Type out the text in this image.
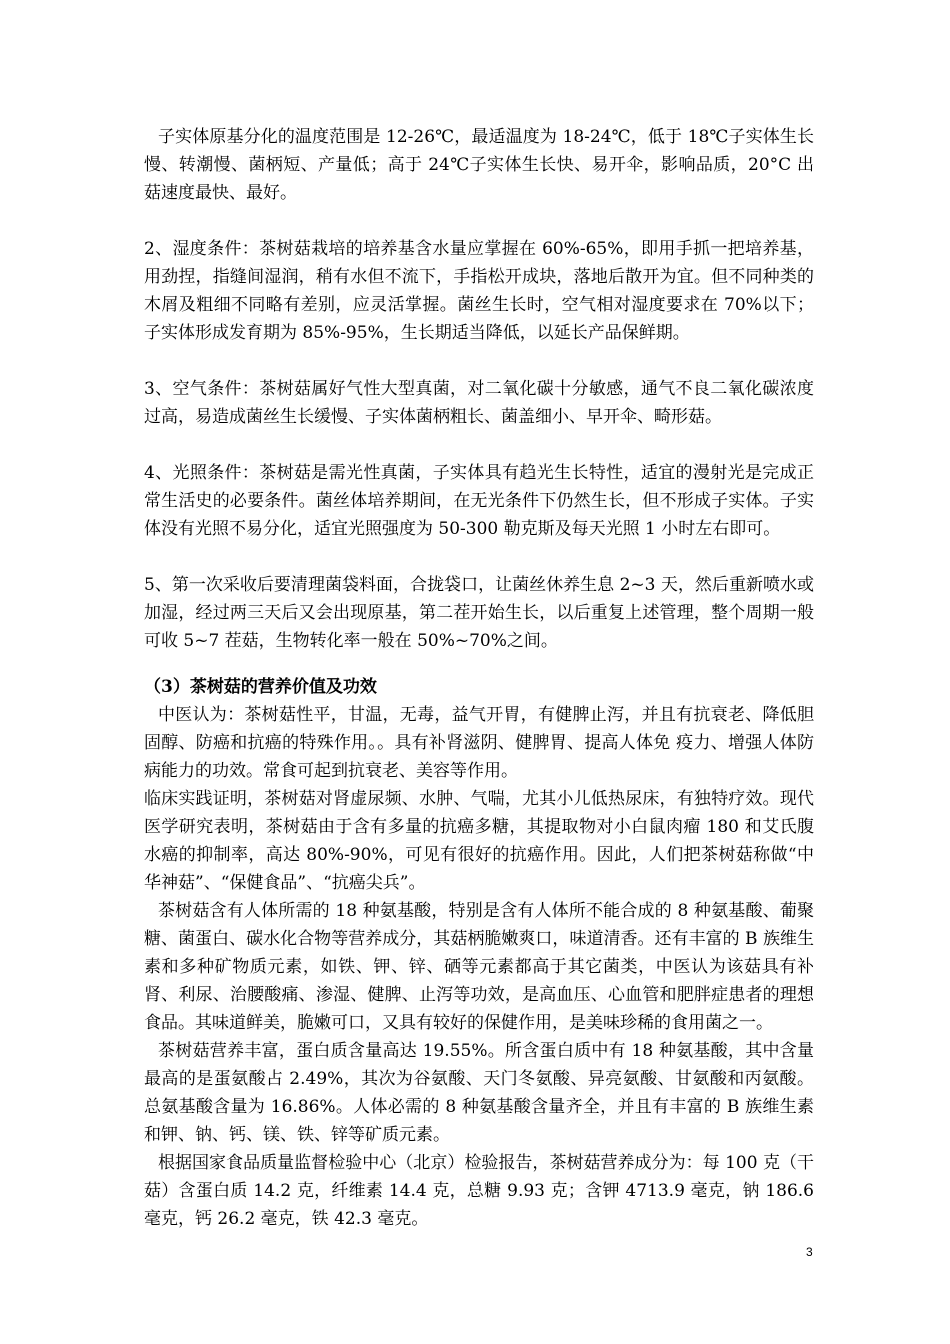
子实体原基分化的温度范围是 12-26℃，最适温度为 18-24℃，低于 18℃子实体生长慢、转潮慢、菌柄短、产量低；高于 24℃子实体生长快、易开伞，影响品质，20°C 出菇速度最快、最好。

2、湿度条件：茶树菇栽培的培养基含水量应掌握在 60%-65%，即用手抓一把培养基，用劲捏，指缝间湿润，稍有水但不流下，手指松开成块，落地后散开为宜。但不同种类的木屑及粗细不同略有差别，应灵活掌握。菌丝生长时，空气相对湿度要求在 70%以下；子实体形成发育期为 85%-95%，生长期适当降低，以延长产品保鲜期。

3、空气条件：茶树菇属好气性大型真菌，对二氧化碳十分敏感，通气不良二氧化碳浓度过高，易造成菌丝生长缓慢、子实体菌柄粗长、菌盖细小、早开伞、畸形菇。

4、光照条件：茶树菇是需光性真菌，子实体具有趋光生长特性，适宜的漫射光是完成正常生活史的必要条件。菌丝体培养期间，在无光条件下仍然生长，但不形成子实体。子实体没有光照不易分化，适宜光照强度为 50-300 勒克斯及每天光照 1 小时左右即可。

5、第一次采收后要清理菌袋料面，合拢袋口，让菌丝休养生息 2~3 天，然后重新喷水或加湿，经过两三天后又会出现原基，第二茬开始生长，以后重复上述管理，整个周期一般可收 5~7 茬菇，生物转化率一般在 50%~70%之间。

（3）茶树菇的营养价值及功效

中医认为：茶树菇性平，甘温，无毒，益气开胃，有健脾止泻，并且有抗衰老、降低胆固醇、防癌和抗癌的特殊作用。。具有补肾滋阴、健脾胃、提高人体免 疫力、增强人体防病能力的功效。常食可起到抗衰老、美容等作用。

临床实践证明，茶树菇对肾虚尿频、水肿、气喘，尤其小儿低热尿床，有独特疗效。现代医学研究表明，茶树菇由于含有多量的抗癌多糖，其提取物对小白鼠肉瘤 180 和艾氏腹水癌的抑制率，高达 80%-90%，可见有很好的抗癌作用。因此，人们把茶树菇称做“中华神菇”、“保健食品”、“抗癌尖兵”。

茶树菇含有人体所需的 18 种氨基酸，特别是含有人体所不能合成的 8 种氨基酸、葡聚糖、菌蛋白、碳水化合物等营养成分，其菇柄脆嫩爽口，味道清香。还有丰富的 B 族维生素和多种矿物质元素，如铁、钾、锌、硒等元素都高于其它菌类，中医认为该菇具有补肾、利尿、治腰酸痛、渗湿、健脾、止泻等功效，是高血压、心血管和肥胖症患者的理想食品。其味道鲜美，脆嫩可口，又具有较好的保健作用，是美味珍稀的食用菌之一。

茶树菇营养丰富，蛋白质含量高达 19.55%。所含蛋白质中有 18 种氨基酸，其中含量最高的是蛋氨酸占 2.49%，其次为谷氨酸、天门冬氨酸、异亮氨酸、甘氨酸和丙氨酸。总氨基酸含量为 16.86%。人体必需的 8 种氨基酸含量齐全，并且有丰富的 B 族维生素和钾、钠、钙、镁、铁、锌等矿质元素。

根据国家食品质量监督检验中心（北京）检验报告，茶树菇营养成分为：每 100 克（干菇）含蛋白质 14.2 克，纤维素 14.4 克，总糖 9.93 克；含钾 4713.9 毫克，钠 186.6 毫克，钙 26.2 毫克，铁 42.3 毫克。

3
